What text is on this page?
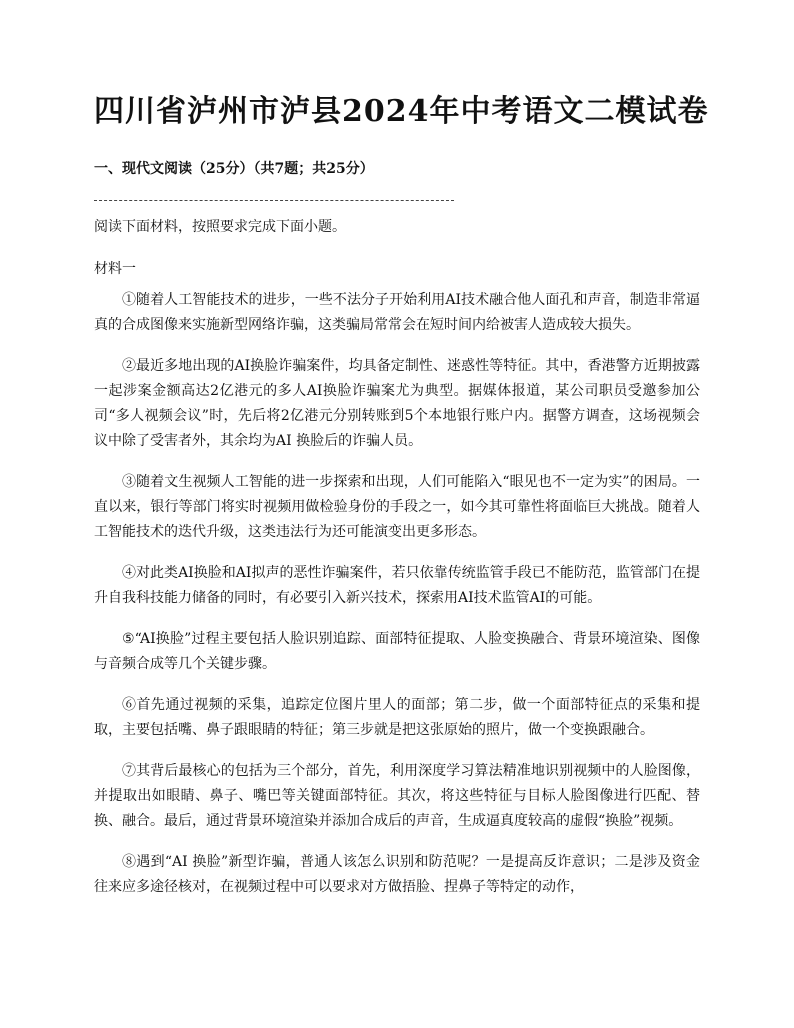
四川省泸州市泸县2024年中考语文二模试卷
一、现代文阅读（25分）（共7题；共25分）
阅读下面材料，按照要求完成下面小题。
材料一

①随着人工智能技术的进步，一些不法分子开始利用AI技术融合他人面孔和声音，制造非常逼真的合成图像来实施新型网络诈骗，这类骗局常常会在短时间内给被害人造成较大损失。

②最近多地出现的AI换脸诈骗案件，均具备定制性、迷惑性等特征。其中，香港警方近期披露一起涉案金额高达2亿港元的多人AI换脸诈骗案尤为典型。据媒体报道，某公司职员受邀参加公司“多人视频会议”时，先后将2亿港元分别转账到5个本地银行账户内。据警方调查，这场视频会议中除了受害者外，其余均为AI 换脸后的诈骗人员。

③随着文生视频人工智能的进一步探索和出现，人们可能陷入“眼见也不一定为实”的困局。一直以来，银行等部门将实时视频用做检验身份的手段之一，如今其可靠性将面临巨大挑战。随着人工智能技术的迭代升级，这类违法行为还可能演变出更多形态。

④对此类AI换脸和AI拟声的恶性诈骗案件，若只依靠传统监管手段已不能防范，监管部门在提升自我科技能力储备的同时，有必要引入新兴技术，探索用AI技术监管AI的可能。

⑤“AI换脸”过程主要包括人脸识别追踪、面部特征提取、人脸变换融合、背景环境渲染、图像与音频合成等几个关键步骤。

⑥首先通过视频的采集，追踪定位图片里人的面部；第二步，做一个面部特征点的采集和提取，主要包括嘴、鼻子跟眼睛的特征；第三步就是把这张原始的照片，做一个变换跟融合。

⑦其背后最核心的包括为三个部分，首先，利用深度学习算法精准地识别视频中的人脸图像，并提取出如眼睛、鼻子、嘴巴等关键面部特征。其次，将这些特征与目标人脸图像进行匹配、替换、融合。最后，通过背景环境渲染并添加合成后的声音，生成逼真度较高的虚假“换脸”视频。

⑧遇到“AI 换脸”新型诈骗，普通人该怎么识别和防范呢？一是提高反诈意识；二是涉及资金往来应多途径核对，在视频过程中可以要求对方做捂脸、捏鼻子等特定的动作，
